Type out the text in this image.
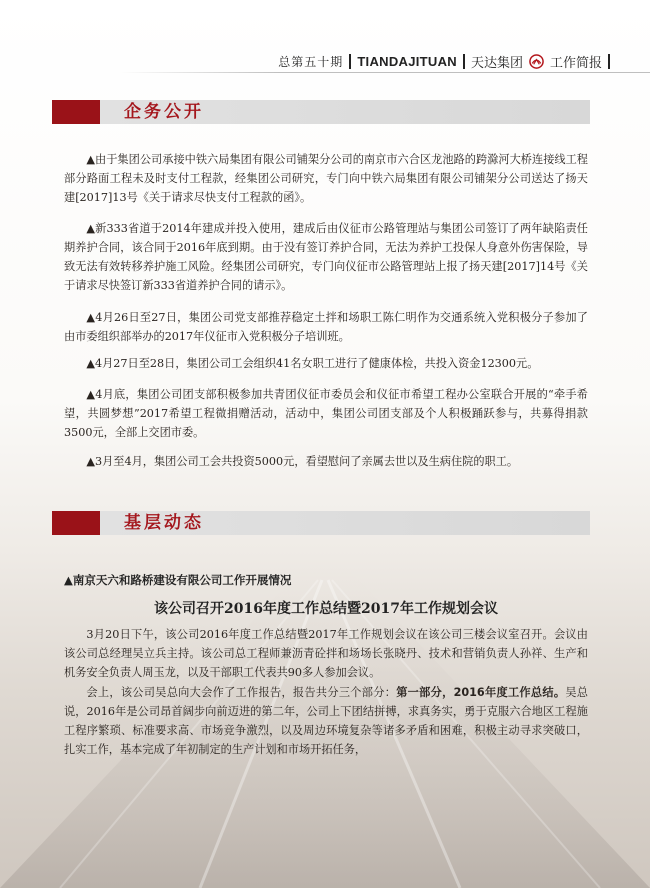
总第五十期 TIANDAJITUAN 天达集团 工作简报
企务公开
▲由于集团公司承接中铁六局集团有限公司铺架分公司的南京市六合区龙池路的跨滁河大桥连接线工程部分路面工程未及时支付工程款，经集团公司研究，专门向中铁六局集团有限公司铺架分公司送达了扬天建[2017]13号《关于请求尽快支付工程款的函》。
▲新333省道于2014年建成并投入使用，建成后由仪征市公路管理站与集团公司签订了两年缺陷责任期养护合同，该合同于2016年底到期。由于没有签订养护合同，无法为养护工投保人身意外伤害保险，导致无法有效转移养护施工风险。经集团公司研究，专门向仪征市公路管理站上报了扬天建[2017]14号《关于请求尽快签订新333省道养护合同的请示》。
▲4月26日至27日，集团公司党支部推荐稳定土拌和场职工陈仁明作为交通系统入党积极分子参加了由市委组织部举办的2017年仪征市入党积极分子培训班。
▲4月27日至28日，集团公司工会组织41名女职工进行了健康体检，共投入资金12300元。
▲4月底，集团公司团支部积极参加共青团仪征市委员会和仪征市希望工程办公室联合开展的“牵手希望，共圆梦想”2017希望工程微捐赠活动，活动中，集团公司团支部及个人积极踊跃参与，共募得捐款3500元，全部上交团市委。
▲3月至4月，集团公司工会共投资5000元，看望慰问了亲属去世以及生病住院的职工。
基层动态
▲南京天六和路桥建设有限公司工作开展情况
该公司召开2016年度工作总结暨2017年工作规划会议
3月20日下午，该公司2016年度工作总结暨2017年工作规划会议在该公司三楼会议室召开。会议由该公司总经理吴立兵主持。该公司总工程师兼沥青砼拌和场场长张晓丹、技术和营销负责人孙祥、生产和机务安全负责人周玉龙，以及干部职工代表共90多人参加会议。
会上，该公司吴总向大会作了工作报告，报告共分三个部分：第一部分，2016年度工作总结。吴总说，2016年是公司昂首阔步向前迈进的第二年，公司上下团结拼搏，求真务实，勇于克服六合地区工程施工程序繁琐、标准要求高、市场竞争激烈，以及周边环境复杂等诸多矛盾和困难，积极主动寻求突破口，扎实工作，基本完成了年初制定的生产计划和市场开拓任务，
